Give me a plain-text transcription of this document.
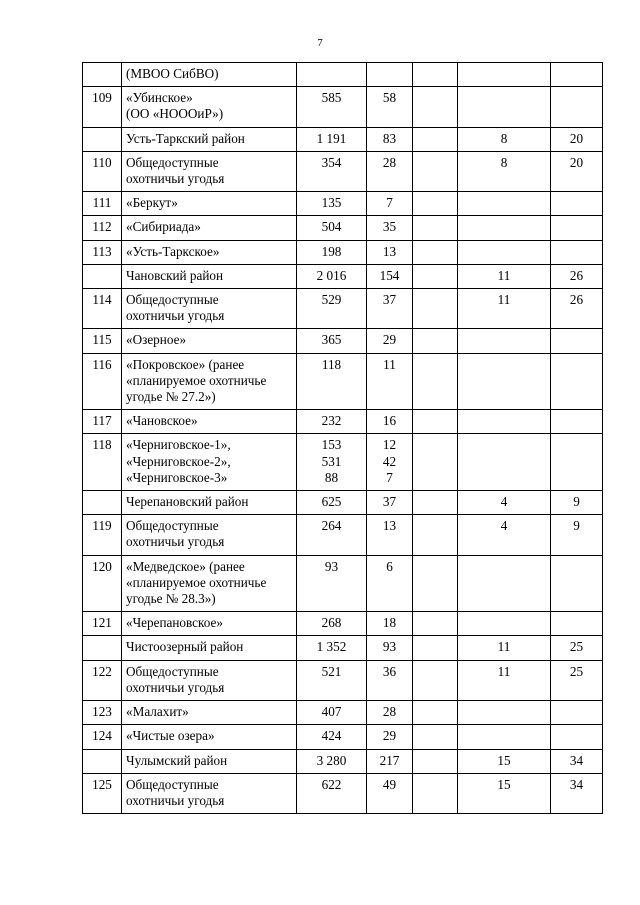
7

	(МВОО СибВО)					

109	«Убинское»
(ОО «НОООиР»)	585	58			

	Усть-Таркский район	1 191	83		8	20

110	Общедоступные
охотничьи угодья	354	28		8	20

111	«Беркут»	135	7			

112	«Сибириада»	504	35			

113	«Усть-Таркское»	198	13			

	Чановский район	2 016	154		11	26

114	Общедоступные
охотничьи угодья	529	37		11	26

115	«Озерное»	365	29			

116	«Покровское» (ранее
«планируемое охотничье
угодье № 27.2»)	118	11			

117	«Чановское»	232	16			

118	«Черниговское-1»,
«Черниговское-2»,
«Черниговское-3»	153
531
88	12
42
7			

	Черепановский район	625	37		4	9

119	Общедоступные
охотничьи угодья	264	13		4	9

120	«Медведское» (ранее
«планируемое охотничье
угодье № 28.3»)	93	6			

121	«Черепановское»	268	18			

	Чистоозерный район	1 352	93		11	25

122	Общедоступные
охотничьи угодья	521	36		11	25

123	«Малахит»	407	28			

124	«Чистые озера»	424	29			

	Чулымский район	3 280	217		15	34

125	Общедоступные
охотничьи угодья	622	49		15	34
